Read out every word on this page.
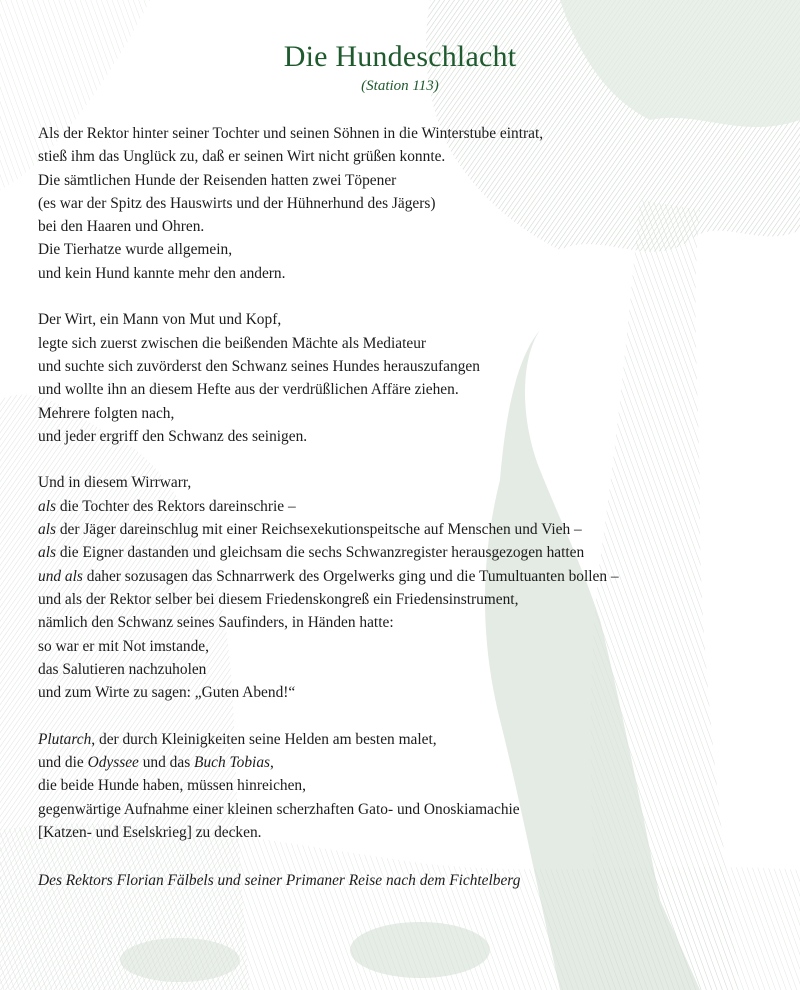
Die Hundeschlacht
(Station 113)
Als der Rektor hinter seiner Tochter und seinen Söhnen in die Winterstube eintrat,
stieß ihm das Unglück zu, daß er seinen Wirt nicht grüßen konnte.
Die sämtlichen Hunde der Reisenden hatten zwei Töpener
(es war der Spitz des Hauswirts und der Hühnerhund des Jägers)
bei den Haaren und Ohren.
Die Tierhatze wurde allgemein,
und kein Hund kannte mehr den andern.
Der Wirt, ein Mann von Mut und Kopf,
legte sich zuerst zwischen die beißenden Mächte als Mediateur
und suchte sich zuvörderst den Schwanz seines Hundes herauszufangen
und wollte ihn an diesem Hefte aus der verdrüßlichen Affäre ziehen.
Mehrere folgten nach,
und jeder ergriff den Schwanz des seinigen.
Und in diesem Wirrwarr,
als die Tochter des Rektors dareinschrie –
als der Jäger dareinschlug mit einer Reichsexekutionspeitsche auf Menschen und Vieh –
als die Eigner dastanden und gleichsam die sechs Schwanzregister herausgezogen hatten
und als daher sozusagen das Schnarrwerk des Orgelwerks ging und die Tumultuanten bollen –
und als der Rektor selber bei diesem Friedenskongreß ein Friedensinstrument,
nämlich den Schwanz seines Saufinders, in Händen hatte:
so war er mit Not imstande,
das Salutieren nachzuholen
und zum Wirte zu sagen: „Guten Abend!“
Plutarch, der durch Kleinigkeiten seine Helden am besten malet,
und die Odyssee und das Buch Tobias,
die beide Hunde haben, müssen hinreichen,
gegenwärtige Aufnahme einer kleinen scherzhaften Gato- und Onoskiamachie
[Katzen- und Eselskrieg] zu decken.
Des Rektors Florian Fälbels und seiner Primaner Reise nach dem Fichtelberg
